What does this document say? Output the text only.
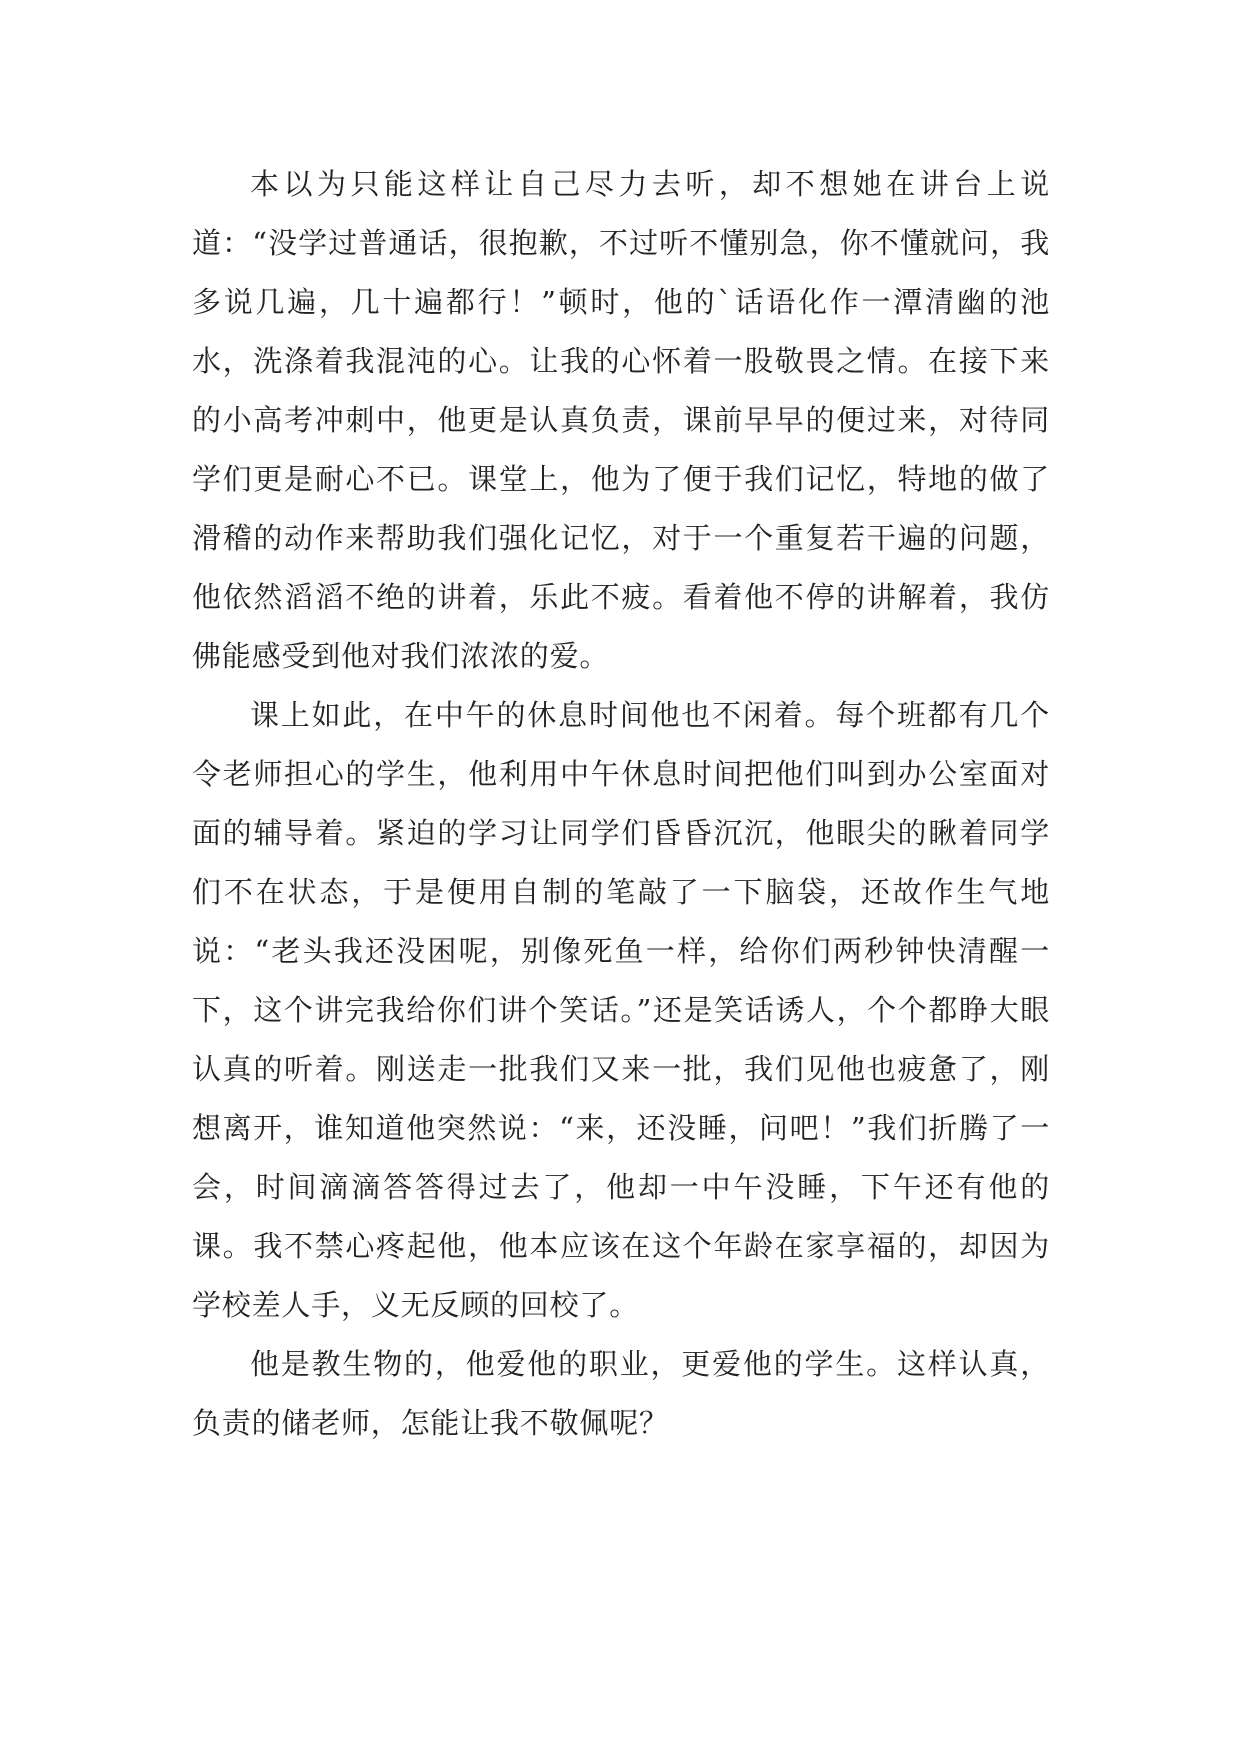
本以为只能这样让自己尽力去听，却不想她在讲台上说道：“没学过普通话，很抱歉，不过听不懂别急，你不懂就问，我多说几遍，几十遍都行！”顿时，他的`话语化作一潭清幽的池水，洗涤着我混沌的心。让我的心怀着一股敬畏之情。在接下来的小高考冲刺中，他更是认真负责，课前早早的便过来，对待同学们更是耐心不已。课堂上，他为了便于我们记忆，特地的做了滑稽的动作来帮助我们强化记忆，对于一个重复若干遍的问题，他依然滔滔不绝的讲着，乐此不疲。看着他不停的讲解着，我仿佛能感受到他对我们浓浓的爱。

课上如此，在中午的休息时间他也不闲着。每个班都有几个令老师担心的学生，他利用中午休息时间把他们叫到办公室面对面的辅导着。紧迫的学习让同学们昏昏沉沉，他眼尖的瞅着同学们不在状态，于是便用自制的笔敲了一下脑袋，还故作生气地说：“老头我还没困呢，别像死鱼一样，给你们两秒钟快清醒一下，这个讲完我给你们讲个笑话。”还是笑话诱人，个个都睁大眼认真的听着。刚送走一批我们又来一批，我们见他也疲惫了，刚想离开，谁知道他突然说：“来，还没睡，问吧！”我们折腾了一会，时间滴滴答答得过去了，他却一中午没睡，下午还有他的课。我不禁心疼起他，他本应该在这个年龄在家享福的，却因为学校差人手，义无反顾的回校了。

他是教生物的，他爱他的职业，更爱他的学生。这样认真，负责的储老师，怎能让我不敬佩呢？
